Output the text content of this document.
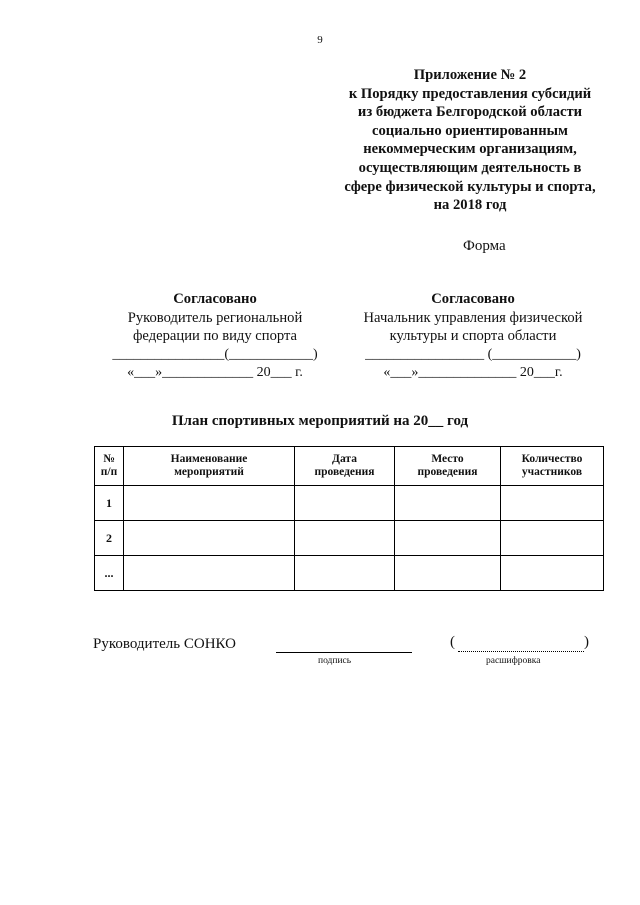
9
Приложение № 2
к Порядку предоставления субсидий
из бюджета Белгородской области
социально ориентированным
некоммерческим организациям,
осуществляющим деятельность в
сфере физической культуры и спорта,
на 2018 год
Форма
Согласовано
Руководитель региональной
федерации по виду спорта
________________(____________)
«___»_____________ 20___ г.
Согласовано
Начальник управления физической
культуры и спорта области
_________________ (____________)
«___»______________ 20___г.
План спортивных мероприятий на 20__ год
№ п/п	Наименование мероприятий	Дата проведения	Место проведения	Количество участников
1				
2				
...				
Руководитель СОНКО
подпись
(	)
расшифровка
